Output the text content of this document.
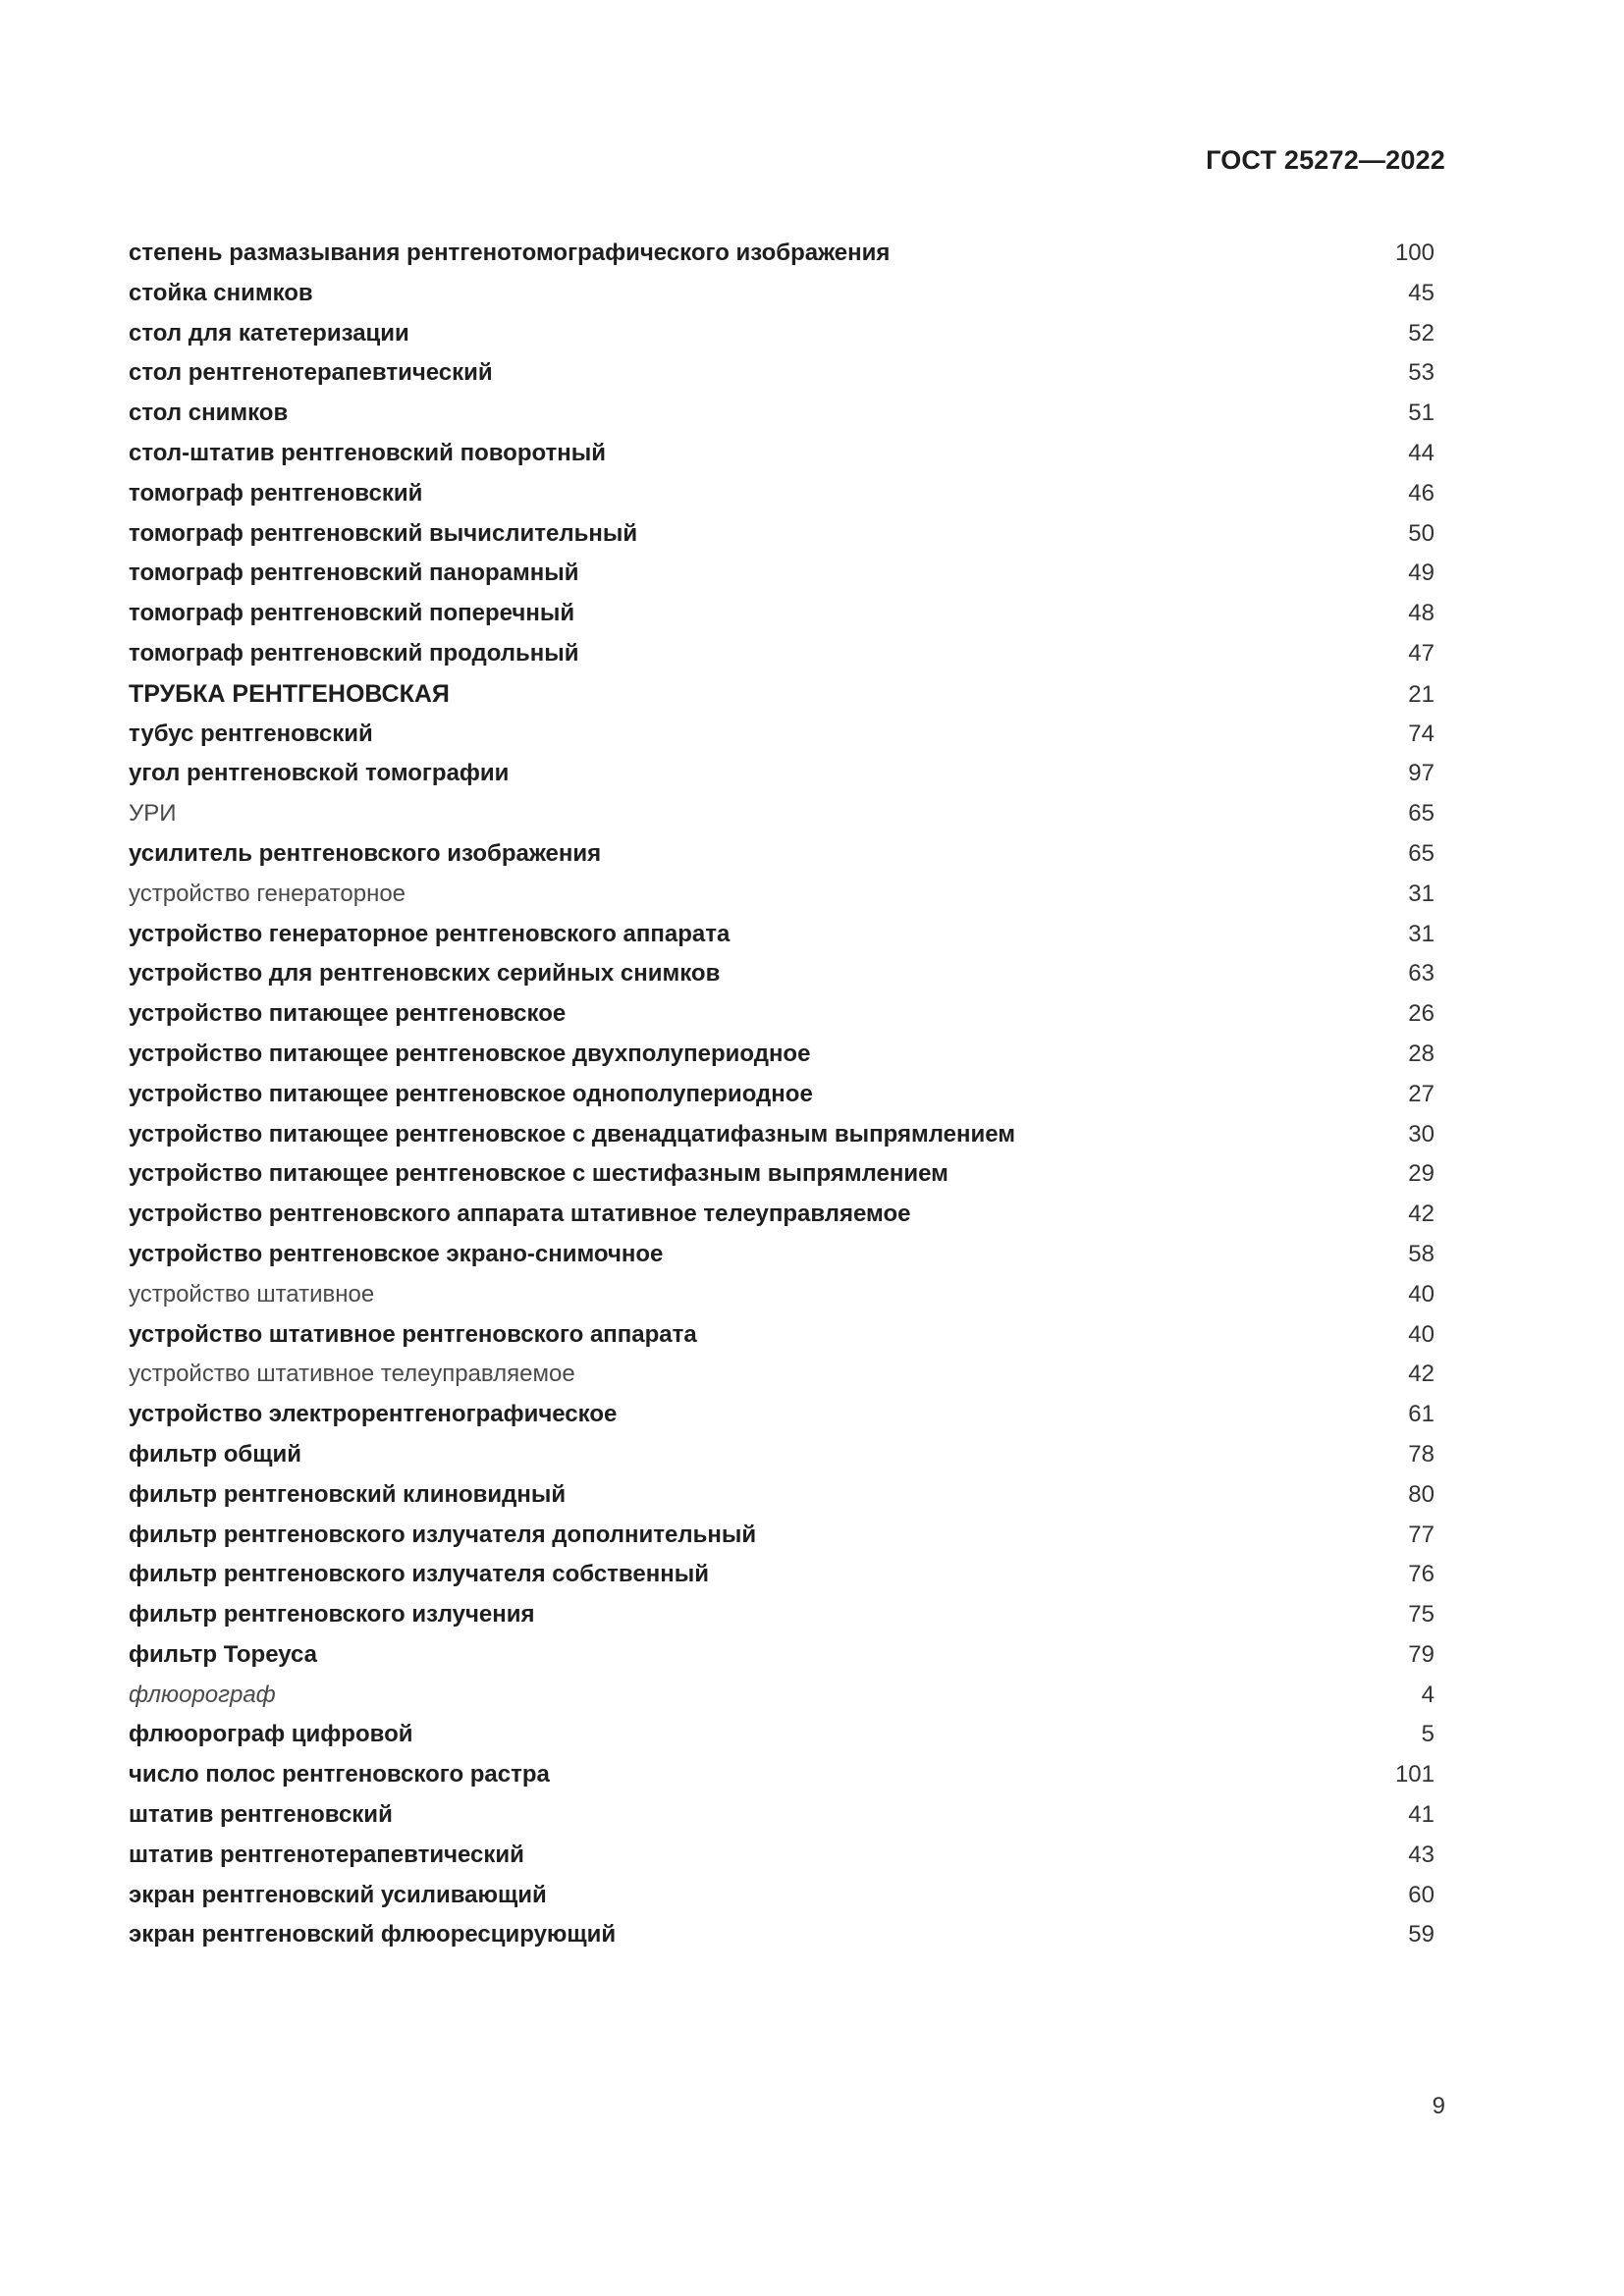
ГОСТ 25272—2022
степень размазывания рентгенотомографического изображения	100
стойка снимков	45
стол для катетеризации	52
стол рентгенотерапевтический	53
стол снимков	51
стол-штатив рентгеновский поворотный	44
томограф рентгеновский	46
томограф рентгеновский вычислительный	50
томограф рентгеновский панорамный	49
томограф рентгеновский поперечный	48
томограф рентгеновский продольный	47
ТРУБКА РЕНТГЕНОВСКАЯ	21
тубус рентгеновский	74
угол рентгеновской томографии	97
УРИ	65
усилитель рентгеновского изображения	65
устройство генераторное	31
устройство генераторное рентгеновского аппарата	31
устройство для рентгеновских серийных снимков	63
устройство питающее рентгеновское	26
устройство питающее рентгеновское двухполупериодное	28
устройство питающее рентгеновское однополупериодное	27
устройство питающее рентгеновское с двенадцатифазным выпрямлением	30
устройство питающее рентгеновское с шестифазным выпрямлением	29
устройство рентгеновского аппарата штативное телеуправляемое	42
устройство рентгеновское экрано-снимочное	58
устройство штативное	40
устройство штативное рентгеновского аппарата	40
устройство штативное телеуправляемое	42
устройство электрорентгенографическое	61
фильтр общий	78
фильтр рентгеновский клиновидный	80
фильтр рентгеновского излучателя дополнительный	77
фильтр рентгеновского излучателя собственный	76
фильтр рентгеновского излучения	75
фильтр Тореуса	79
флюорограф	4
флюорограф цифровой	5
число полос рентгеновского растра	101
штатив рентгеновский	41
штатив рентгенотерапевтический	43
экран рентгеновский усиливающий	60
экран рентгеновский флюоресцирующий	59
9
